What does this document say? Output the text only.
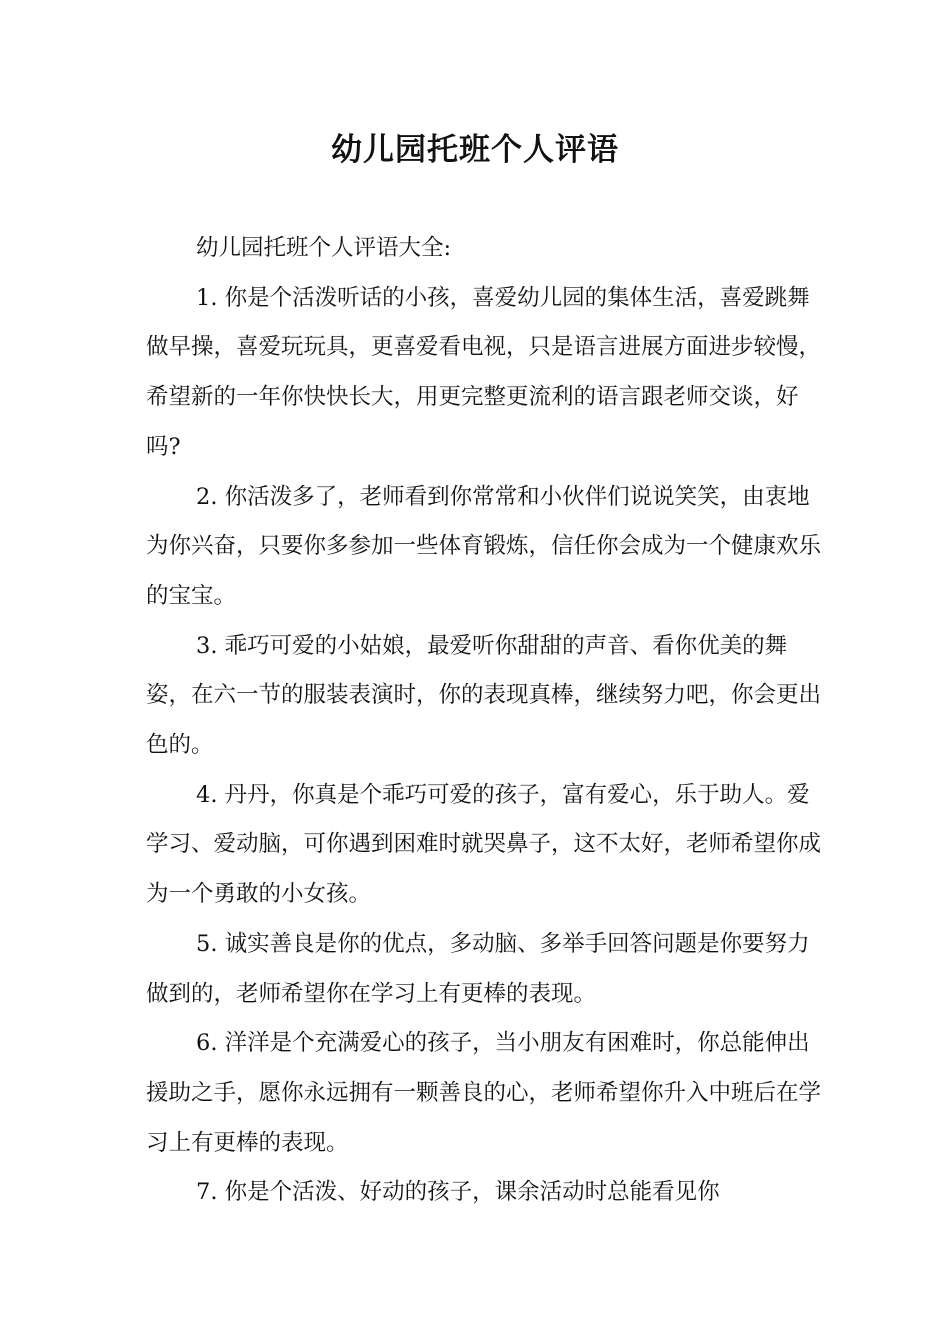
幼儿园托班个人评语

幼儿园托班个人评语大全:

1. 你是个活泼听话的小孩，喜爱幼儿园的集体生活，喜爱跳舞做早操，喜爱玩玩具，更喜爱看电视，只是语言进展方面进步较慢，希望新的一年你快快长大，用更完整更流利的语言跟老师交谈，好吗?

2. 你活泼多了，老师看到你常常和小伙伴们说说笑笑，由衷地为你兴奋，只要你多参加一些体育锻炼，信任你会成为一个健康欢乐的宝宝。

3. 乖巧可爱的小姑娘，最爱听你甜甜的声音、看你优美的舞姿，在六一节的服装表演时，你的表现真棒，继续努力吧，你会更出色的。

4. 丹丹，你真是个乖巧可爱的孩子，富有爱心，乐于助人。爱学习、爱动脑，可你遇到困难时就哭鼻子，这不太好，老师希望你成为一个勇敢的小女孩。

5. 诚实善良是你的优点，多动脑、多举手回答问题是你要努力做到的，老师希望你在学习上有更棒的表现。

6. 洋洋是个充满爱心的孩子，当小朋友有困难时，你总能伸出援助之手，愿你永远拥有一颗善良的心，老师希望你升入中班后在学习上有更棒的表现。

7. 你是个活泼、好动的孩子，课余活动时总能看见你
